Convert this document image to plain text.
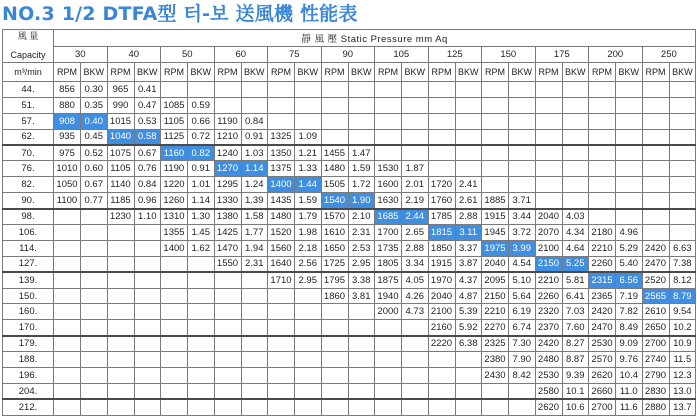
NO.3 1/2 DTFA型 터-보 送風機 性能表
風 量
Capacity	靜 風 壓 Static Pressure mm Aq																							
	30		40		50		60		75		90		105		125		150		175		200		250	
m³/min	RPM	BKW	RPM	BKW	RPM	BKW	RPM	BKW	RPM	BKW	RPM	BKW	RPM	BKW	RPM	BKW	RPM	BKW	RPM	BKW	RPM	BKW	RPM	BKW
44.	856	0.30	965	0.41																				
51.	880	0.35	990	0.47	1085	0.59																		
57.	908	0.40	1015	0.53	1105	0.66	1190	0.84																
62.	935	0.45	1040	0.58	1125	0.72	1210	0.91	1325	1.09														
70.	975	0.52	1075	0.67	1160	0.82	1240	1.03	1350	1.21	1455	1.47												
76.	1010	0.60	1105	0.76	1190	0.91	1270	1.14	1375	1.33	1480	1.59	1530	1.87										
82.	1050	0.67	1140	0.84	1220	1.01	1295	1.24	1400	1.44	1505	1.72	1600	2.01	1720	2.41								
90.	1100	0.77	1185	0.96	1260	1.14	1330	1.39	1435	1.59	1540	1.90	1630	2.19	1760	2.61	1885	3.71						
98.			1230	1.10	1310	1.30	1380	1.58	1480	1.79	1570	2.10	1685	2.44	1785	2.88	1915	3.44	2040	4.03				
106.					1355	1.45	1425	1.77	1520	1.98	1610	2.31	1700	2.65	1815	3.11	1945	3.72	2070	4.34	2180	4.96		
114.					1400	1.62	1470	1.94	1560	2.18	1650	2.53	1735	2.88	1850	3.37	1975	3.99	2100	4.64	2210	5.29	2420	6.63
127.							1550	2.31	1640	2.56	1725	2.95	1805	3.34	1915	3.87	2040	4.54	2150	5.25	2260	5.40	2470	7.38
139.									1710	2.95	1795	3.38	1875	4.05	1970	4.37	2095	5.10	2210	5.81	2315	6.56	2520	8.12
150.											1860	3.81	1940	4.26	2040	4.87	2150	5.64	2260	6.41	2365	7.19	2565	8.79
160.													2000	4.73	2100	5.39	2210	6.19	2320	7.03	2420	7.82	2610	9.54
170.															2160	5.92	2270	6.74	2370	7.60	2470	8.49	2650	10.2
179.															2220	6.38	2325	7.30	2420	8.27	2530	9.09	2700	10.9
188.																	2380	7.90	2480	8.87	2570	9.76	2740	11.5
196.																	2430	8.42	2530	9.39	2620	10.4	2790	12.3
204.																			2580	10.1	2660	11.0	2830	13.0
212.																			2620	10.6	2700	11.6	2880	13.7
